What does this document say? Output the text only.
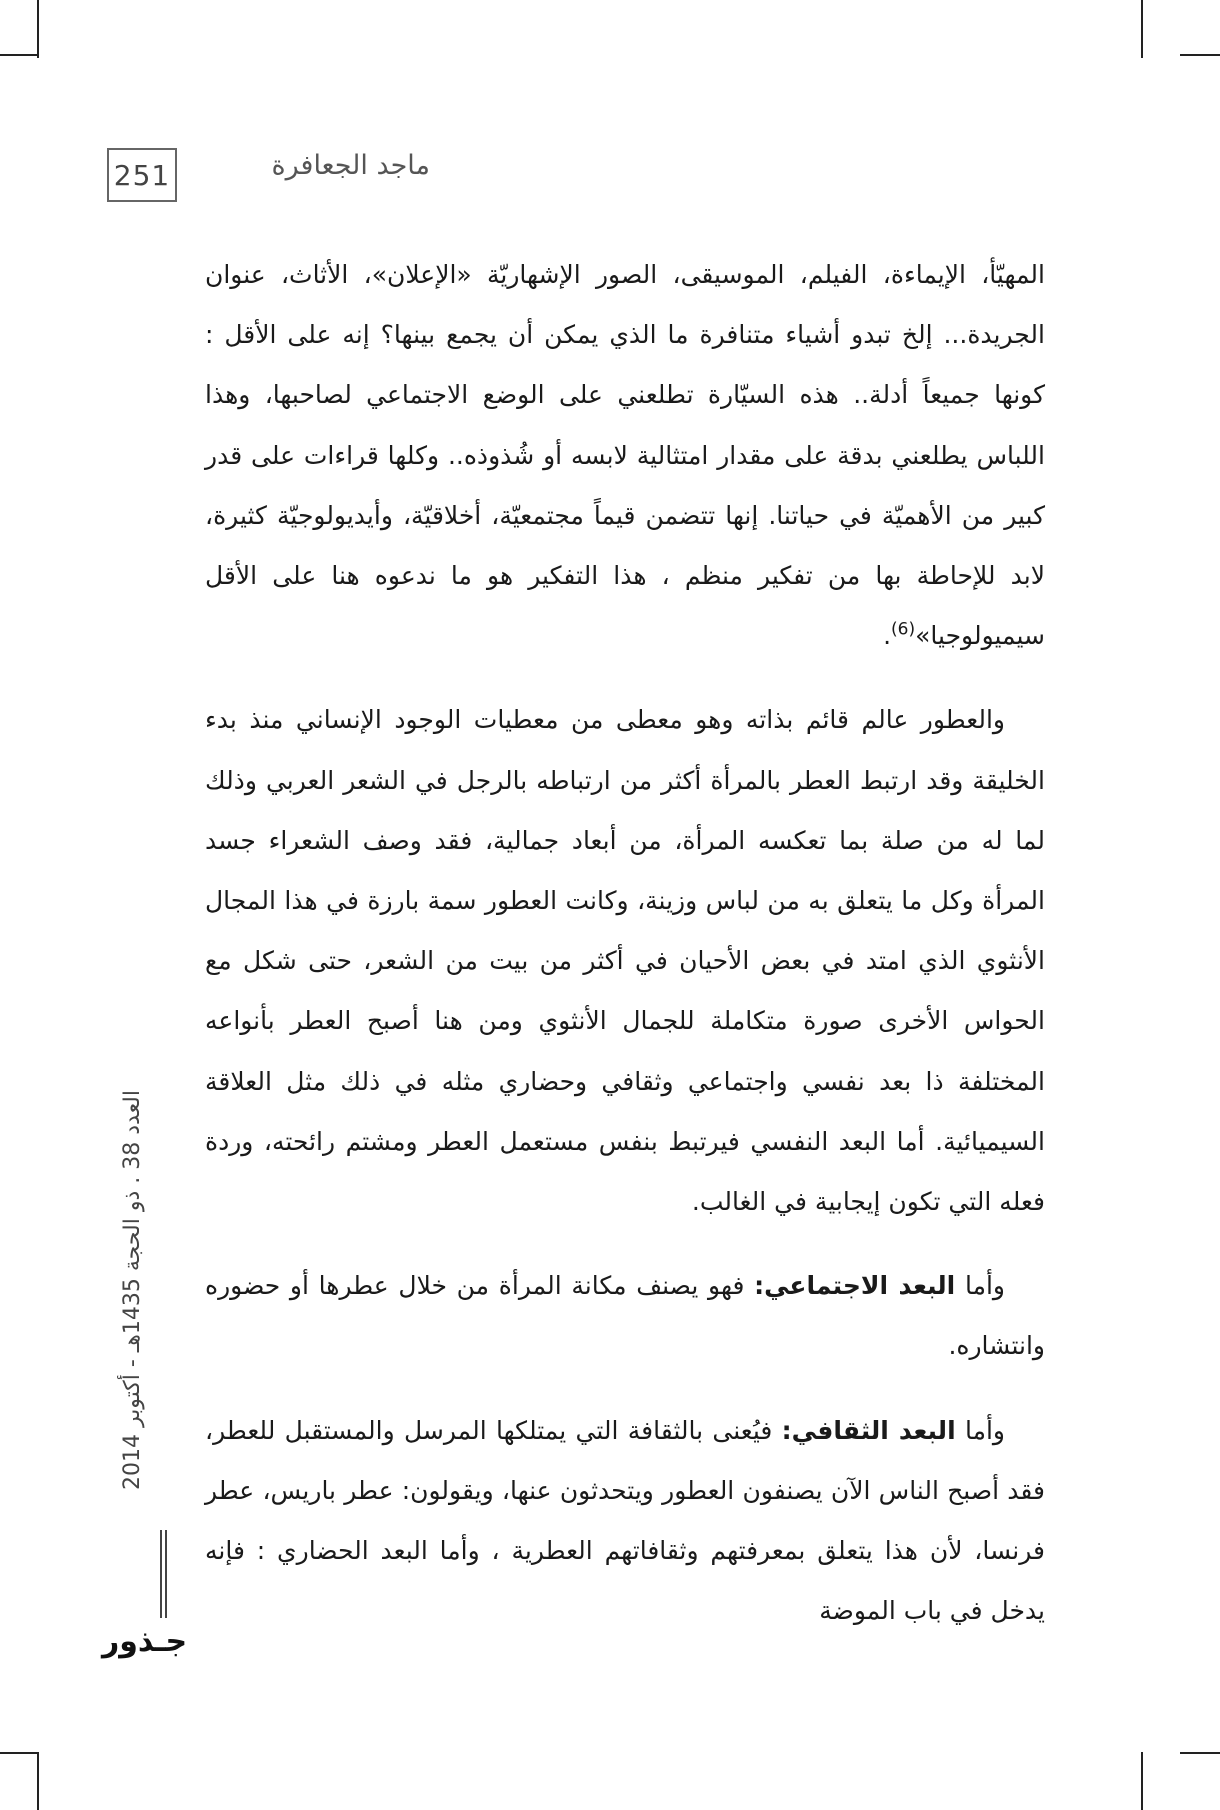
251	ماجد الجعافرة

المهيّأ، الإيماءة، الفيلم، الموسيقى، الصور الإشهاريّة «الإعلان»، الأثاث، عنوان الجريدة... إلخ تبدو أشياء متنافرة ما الذي يمكن أن يجمع بينها؟ إنه على الأقل : كونها جميعاً أدلة.. هذه السيّارة تطلعني على الوضع الاجتماعي لصاحبها، وهذا اللباس يطلعني بدقة على مقدار امتثالية لابسه أو شُذوذه.. وكلها قراءات على قدر كبير من الأهميّة في حياتنا. إنها تتضمن قيماً مجتمعيّة، أخلاقيّة، وأيديولوجيّة كثيرة، لابد للإحاطة بها من تفكير منظم ، هذا التفكير هو ما ندعوه هنا على الأقل سيميولوجيا»$^{(6)}$.

والعطور عالم قائم بذاته وهو معطى من معطيات الوجود الإنساني منذ بدء الخليقة وقد ارتبط العطر بالمرأة أكثر من ارتباطه بالرجل في الشعر العربي وذلك لما له من صلة بما تعكسه المرأة، من أبعاد جمالية، فقد وصف الشعراء جسد المرأة وكل ما يتعلق به من لباس وزينة، وكانت العطور سمة بارزة في هذا المجال الأنثوي الذي امتد في بعض الأحيان في أكثر من بيت من الشعر، حتى شكل مع الحواس الأخرى صورة متكاملة للجمال الأنثوي ومن هنا أصبح العطر بأنواعه المختلفة ذا بعد نفسي واجتماعي وثقافي وحضاري مثله في ذلك مثل العلاقة السيميائية. أما البعد النفسي فيرتبط بنفس مستعمل العطر ومشتم رائحته، وردة فعله التي تكون إيجابية في الغالب.

وأما البعد الاجتماعي: فهو يصنف مكانة المرأة من خلال عطرها أو حضوره وانتشاره.

وأما البعد الثقافي: فيُعنى بالثقافة التي يمتلكها المرسل والمستقبل للعطر، فقد أصبح الناس الآن يصنفون العطور ويتحدثون عنها، ويقولون: عطر باريس، عطر فرنسا، لأن هذا يتعلق بمعرفتهم وثقافاتهم العطرية ، وأما البعد الحضاري : فإنه يدخل في باب الموضة

العدد 38 . ذو الحجة 1435هـ - أكتوبر 2014
جـذور
